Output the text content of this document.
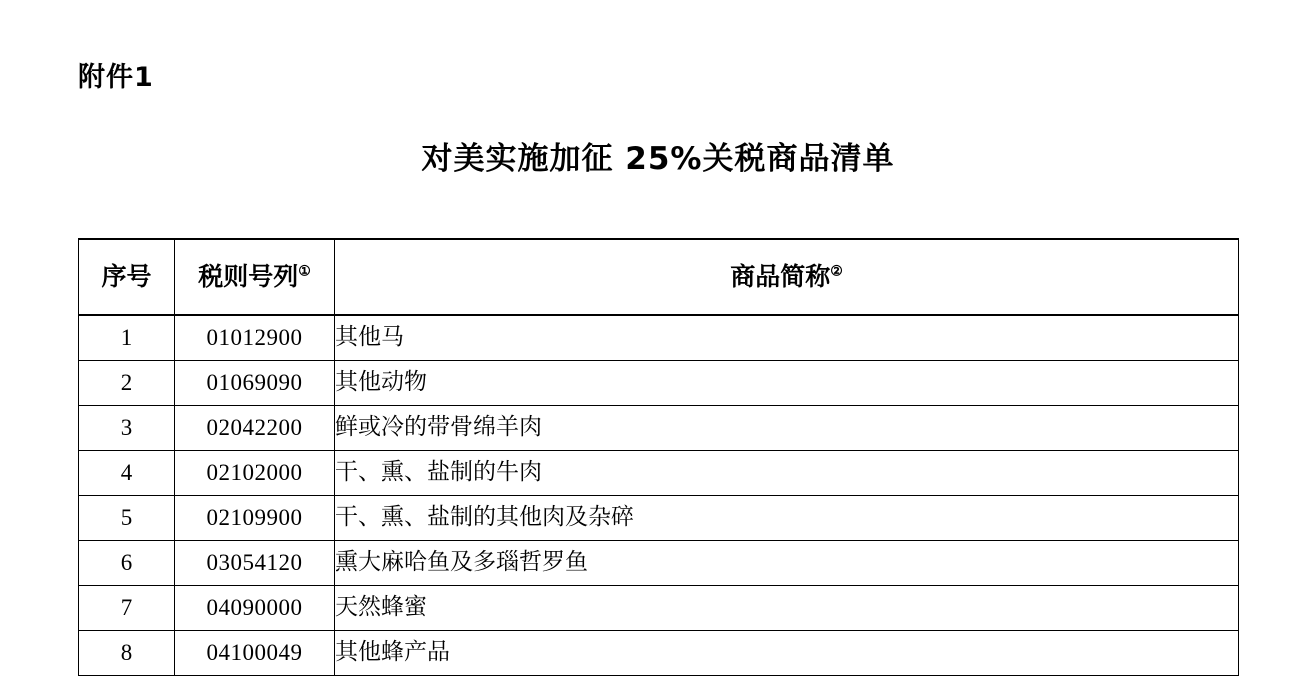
附件1
对美实施加征 25%关税商品清单
序号	税则号列①	商品简称②
1	01012900	其他马
2	01069090	其他动物
3	02042200	鲜或冷的带骨绵羊肉
4	02102000	干、熏、盐制的牛肉
5	02109900	干、熏、盐制的其他肉及杂碎
6	03054120	熏大麻哈鱼及多瑙哲罗鱼
7	04090000	天然蜂蜜
8	04100049	其他蜂产品
